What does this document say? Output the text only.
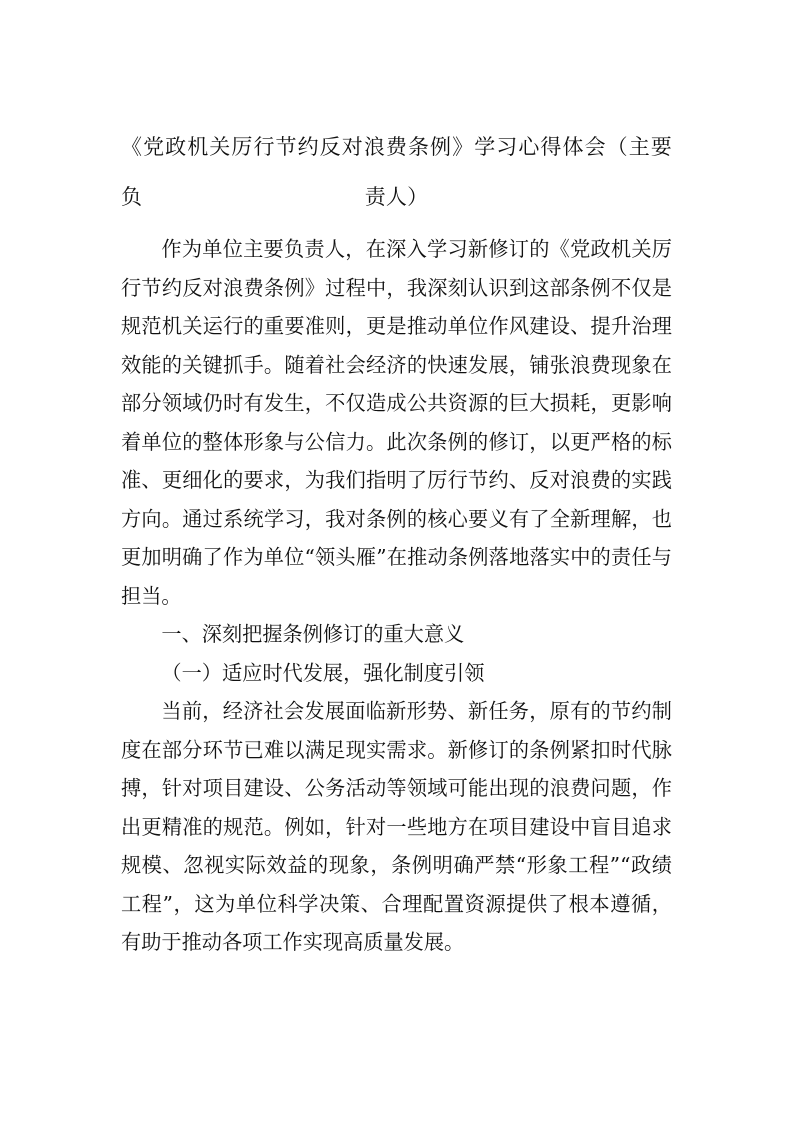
《党政机关厉行节约反对浪费条例》学习心得体会（主要负	责人）

作为单位主要负责人，在深入学习新修订的《党政机关厉行节约反对浪费条例》过程中，我深刻认识到这部条例不仅是规范机关运行的重要准则，更是推动单位作风建设、提升治理效能的关键抓手。随着社会经济的快速发展，铺张浪费现象在部分领域仍时有发生，不仅造成公共资源的巨大损耗，更影响着单位的整体形象与公信力。此次条例的修订，以更严格的标准、更细化的要求，为我们指明了厉行节约、反对浪费的实践方向。通过系统学习，我对条例的核心要义有了全新理解，也更加明确了作为单位“领头雁”在推动条例落地落实中的责任与担当。

一、深刻把握条例修订的重大意义

（一）适应时代发展，强化制度引领

当前，经济社会发展面临新形势、新任务，原有的节约制度在部分环节已难以满足现实需求。新修订的条例紧扣时代脉搏，针对项目建设、公务活动等领域可能出现的浪费问题，作出更精准的规范。例如，针对一些地方在项目建设中盲目追求规模、忽视实际效益的现象，条例明确严禁“形象工程”“政绩工程”，这为单位科学决策、合理配置资源提供了根本遵循，有助于推动各项工作实现高质量发展。
